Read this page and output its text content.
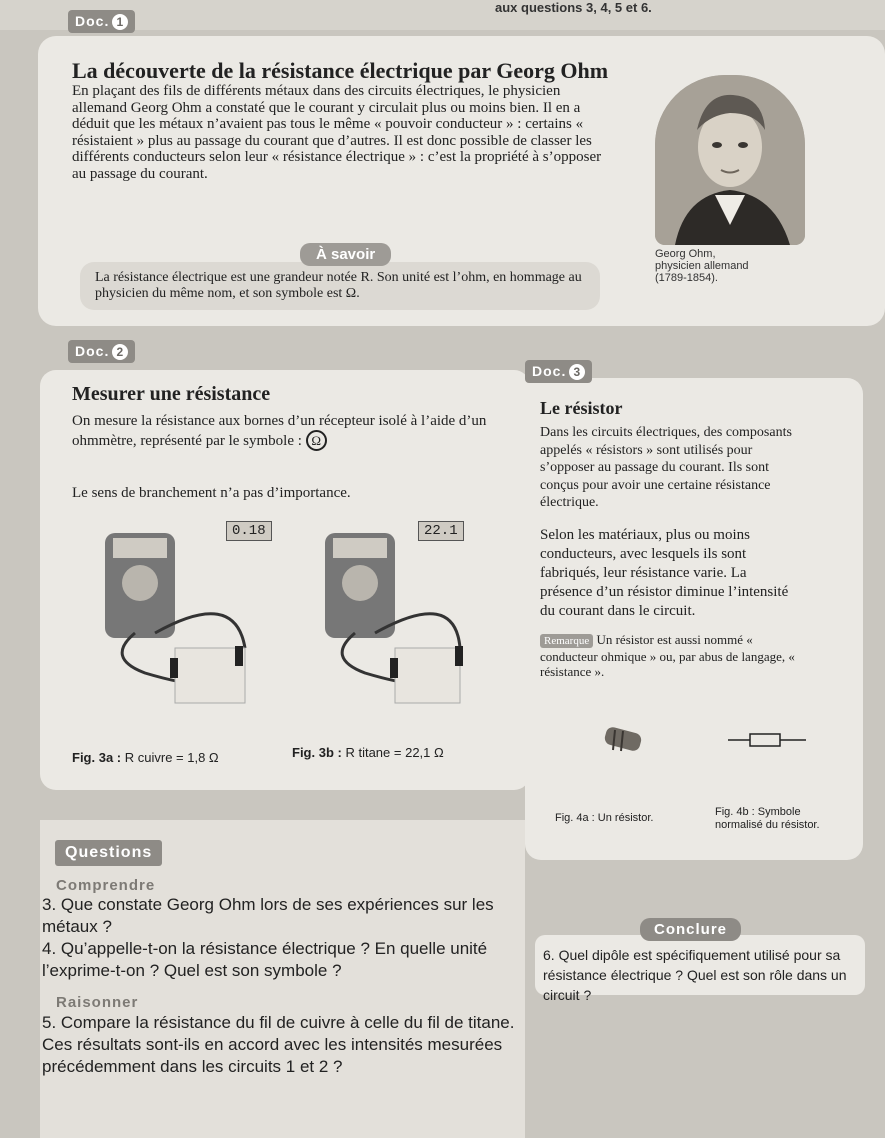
aux questions 3, 4, 5 et 6.
Doc. 1
La découverte de la résistance électrique par Georg Ohm
En plaçant des fils de différents métaux dans des circuits électriques, le physicien allemand Georg Ohm a constaté que le courant y circulait plus ou moins bien. Il en a déduit que les métaux n’avaient pas tous le même « pouvoir conducteur » : certains « résistaient » plus au passage du courant que d’autres. Il est donc possible de classer les différents conducteurs selon leur « résistance électrique » : c’est la propriété à s’opposer au passage du courant.
Georg Ohm,
physicien allemand
(1789-1854).
À savoir
La résistance électrique est une grandeur notée R. Son unité est l’ohm, en hommage au physicien du même nom, et son symbole est Ω.
Doc. 2
Mesurer une résistance
On mesure la résistance aux bornes d’un récepteur isolé à l’aide d’un ohmmètre, représenté par le symbole : Ω
Le sens de branchement n’a pas d’importance.
0.18	22.1
Fig. 3a : R cuivre = 1,8 Ω	Fig. 3b : R titane = 22,1 Ω
Doc. 3
Le résistor
Dans les circuits électriques, des composants appelés « résistors » sont utilisés pour s’opposer au passage du courant. Ils sont conçus pour avoir une certaine résistance électrique.
Selon les matériaux, plus ou moins conducteurs, avec lesquels ils sont fabriqués, leur résistance varie. La présence d’un résistor diminue l’intensité du courant dans le circuit.
Remarque Un résistor est aussi nommé « conducteur ohmique » ou, par abus de langage, « résistance ».
Fig. 4a : Un résistor.	Fig. 4b : Symbole
normalisé du résistor.
Questions
Comprendre
3. Que constate Georg Ohm lors de ses expériences sur les métaux ?
4. Qu’appelle-t-on la résistance électrique ? En quelle unité l’exprime-t-on ? Quel est son symbole ?
Raisonner
5. Compare la résistance du fil de cuivre à celle du fil de titane. Ces résultats sont-ils en accord avec les intensités mesurées précédemment dans les circuits 1 et 2 ?
Conclure
6. Quel dipôle est spécifiquement utilisé pour sa résistance électrique ? Quel est son rôle dans un circuit ?
